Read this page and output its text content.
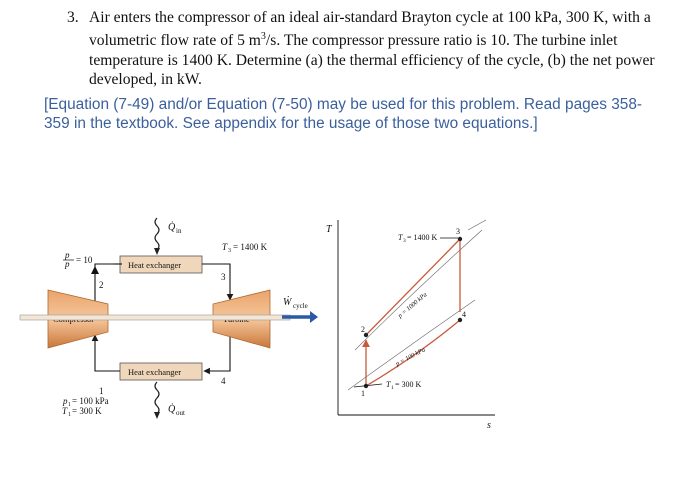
3. Air enters the compressor of an ideal air-standard Brayton cycle at 100 kPa, 300 K, with a volumetric flow rate of 5 $m^3/s$. The compressor pressure ratio is 10. The turbine inlet temperature is 1400 K. Determine (a) the thermal efficiency of the cycle, (b) the net power developed, in kW.
[Equation (7-49) and/or Equation (7-50) may be used for this problem. Read pages 358-359 in the textbook. See appendix for the usage of those two equations.]
p
p = 10
Q̇ in
Heat exchanger
Heat exchanger
Q̇ out
Ẇ cycle
T 3 = 1400 K
1
2
3
4
p 1 = 100 kPa
T 1 = 300 K
T
s
1
2
3
4
T 3 = 1400 K
T 1 = 300 K
p = 1000 kPa
p = 100 kPa
